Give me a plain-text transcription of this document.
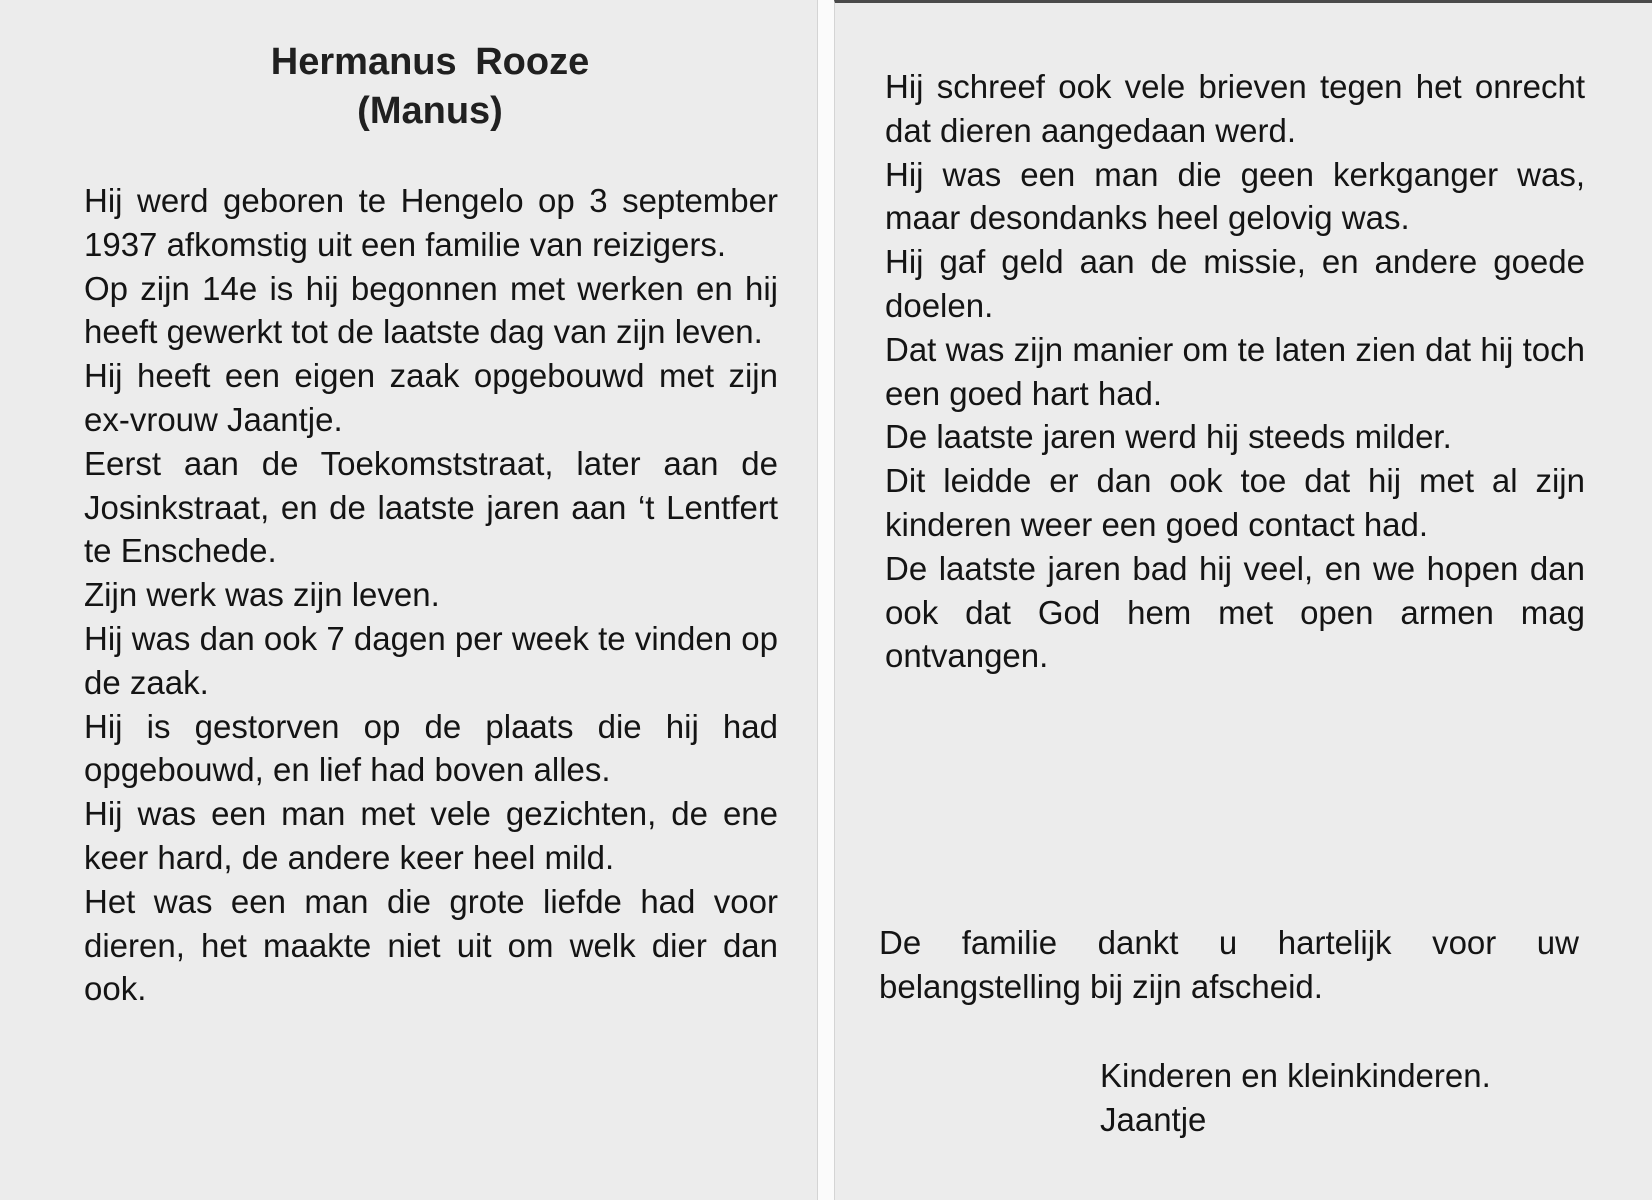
Hermanus Rooze
(Manus)

Hij werd geboren te Hengelo op 3 september 1937 afkomstig uit een familie van reizigers.

Op zijn 14e is hij begonnen met werken en hij heeft gewerkt tot de laatste dag van zijn leven.

Hij heeft een eigen zaak opgebouwd met zijn ex-vrouw Jaantje.

Eerst aan de Toekomststraat, later aan de Josinkstraat, en de laatste jaren aan ‘t Lentfert te Enschede.

Zijn werk was zijn leven.

Hij was dan ook 7 dagen per week te vinden op de zaak.

Hij is gestorven op de plaats die hij had opgebouwd, en lief had boven alles.

Hij was een man met vele gezichten, de ene keer hard, de andere keer heel mild.

Het was een man die grote liefde had voor dieren, het maakte niet uit om welk dier dan ook.

Hij schreef ook vele brieven tegen het onrecht dat dieren aangedaan werd.

Hij was een man die geen kerkganger was, maar desondanks heel gelovig was.

Hij gaf geld aan de missie, en andere goede doelen.

Dat was zijn manier om te laten zien dat hij toch een goed hart had.

De laatste jaren werd hij steeds milder.

Dit leidde er dan ook toe dat hij met al zijn kinderen weer een goed contact had.

De laatste jaren bad hij veel, en we hopen dan ook dat God hem met open armen mag ontvangen.

De familie dankt u hartelijk voor uw belangstelling bij zijn afscheid.
Kinderen en kleinkinderen.
Jaantje
